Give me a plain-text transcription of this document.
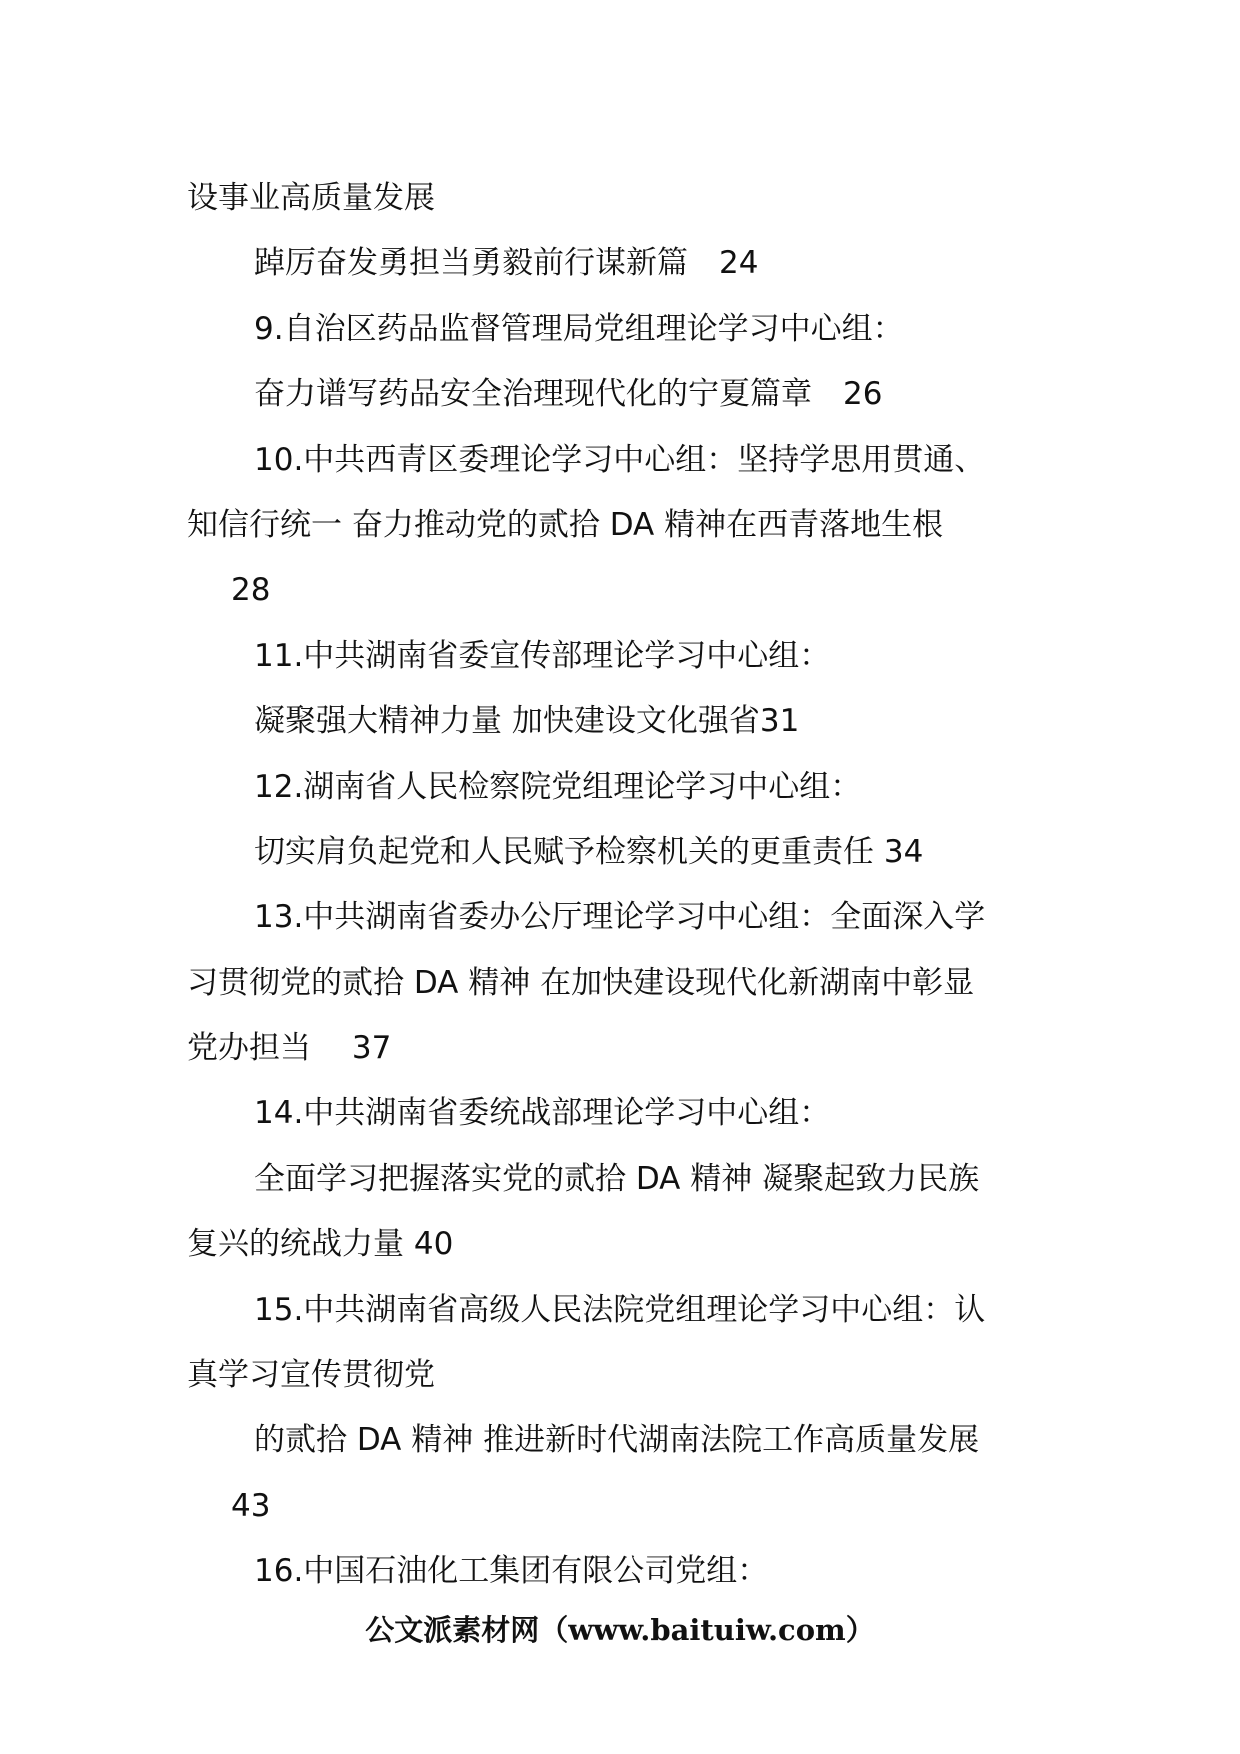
设事业高质量发展
踔厉奋发勇担当勇毅前行谋新篇　24
9.自治区药品监督管理局党组理论学习中心组：
奋力谱写药品安全治理现代化的宁夏篇章　26
10.中共西青区委理论学习中心组：坚持学思用贯通、
知信行统一 奋力推动党的贰拾 DA 精神在西青落地生根
28
11.中共湖南省委宣传部理论学习中心组：
凝聚强大精神力量 加快建设文化强省31
12.湖南省人民检察院党组理论学习中心组：
切实肩负起党和人民赋予检察机关的更重责任 34
13.中共湖南省委办公厅理论学习中心组：全面深入学
习贯彻党的贰拾 DA 精神 在加快建设现代化新湖南中彰显
党办担当　 37
14.中共湖南省委统战部理论学习中心组：
全面学习把握落实党的贰拾 DA 精神 凝聚起致力民族
复兴的统战力量 40
15.中共湖南省高级人民法院党组理论学习中心组：认
真学习宣传贯彻党
的贰拾 DA 精神 推进新时代湖南法院工作高质量发展
43
16.中国石油化工集团有限公司党组：
公文派素材网（www.baituiw.com）
